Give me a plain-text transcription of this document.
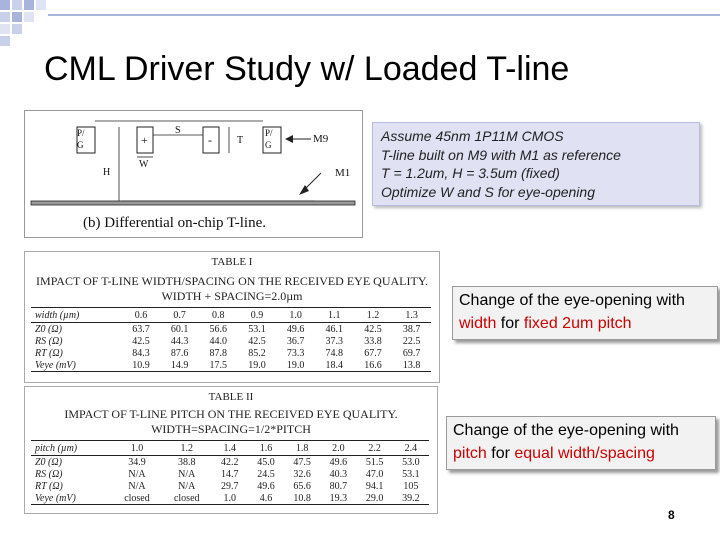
CML Driver Study w/ Loaded T-line
P/
G
P/
G
+	-
S
T
W
H
M9
M1
(b) Differential on-chip T-line.
Assume 45nm 1P11M CMOS
T-line built on M9 with M1 as reference
T = 1.2um, H = 3.5um (fixed)
Optimize W and S for eye-opening
TABLE I
IMPACT OF T-LINE WIDTH/SPACING ON THE RECEIVED EYE QUALITY.
WIDTH + SPACING=2.0µm
width (µm)	0.6	0.7	0.8	0.9	1.0	1.1	1.2	1.3
Z0 (Ω)	63.7	60.1	56.6	53.1	49.6	46.1	42.5	38.7
RS (Ω)	42.5	44.3	44.0	42.5	36.7	37.3	33.8	22.5
RT (Ω)	84.3	87.6	87.8	85.2	73.3	74.8	67.7	69.7
Veye (mV)	10.9	14.9	17.5	19.0	19.0	18.4	16.6	13.8
TABLE II
IMPACT OF T-LINE PITCH ON THE RECEIVED EYE QUALITY.
WIDTH=SPACING=1/2*PITCH
pitch (µm)	1.0	1.2	1.4	1.6	1.8	2.0	2.2	2.4
Z0 (Ω)	34.9	38.8	42.2	45.0	47.5	49.6	51.5	53.0
RS (Ω)	N/A	N/A	14.7	24.5	32.6	40.3	47.0	53.1
RT (Ω)	N/A	N/A	29.7	49.6	65.6	80.7	94.1	105
Veye (mV)	closed	closed	1.0	4.6	10.8	19.3	29.0	39.2
Change of the eye-opening with width for fixed 2um pitch
Change of the eye-opening with pitch for equal width/spacing
8
